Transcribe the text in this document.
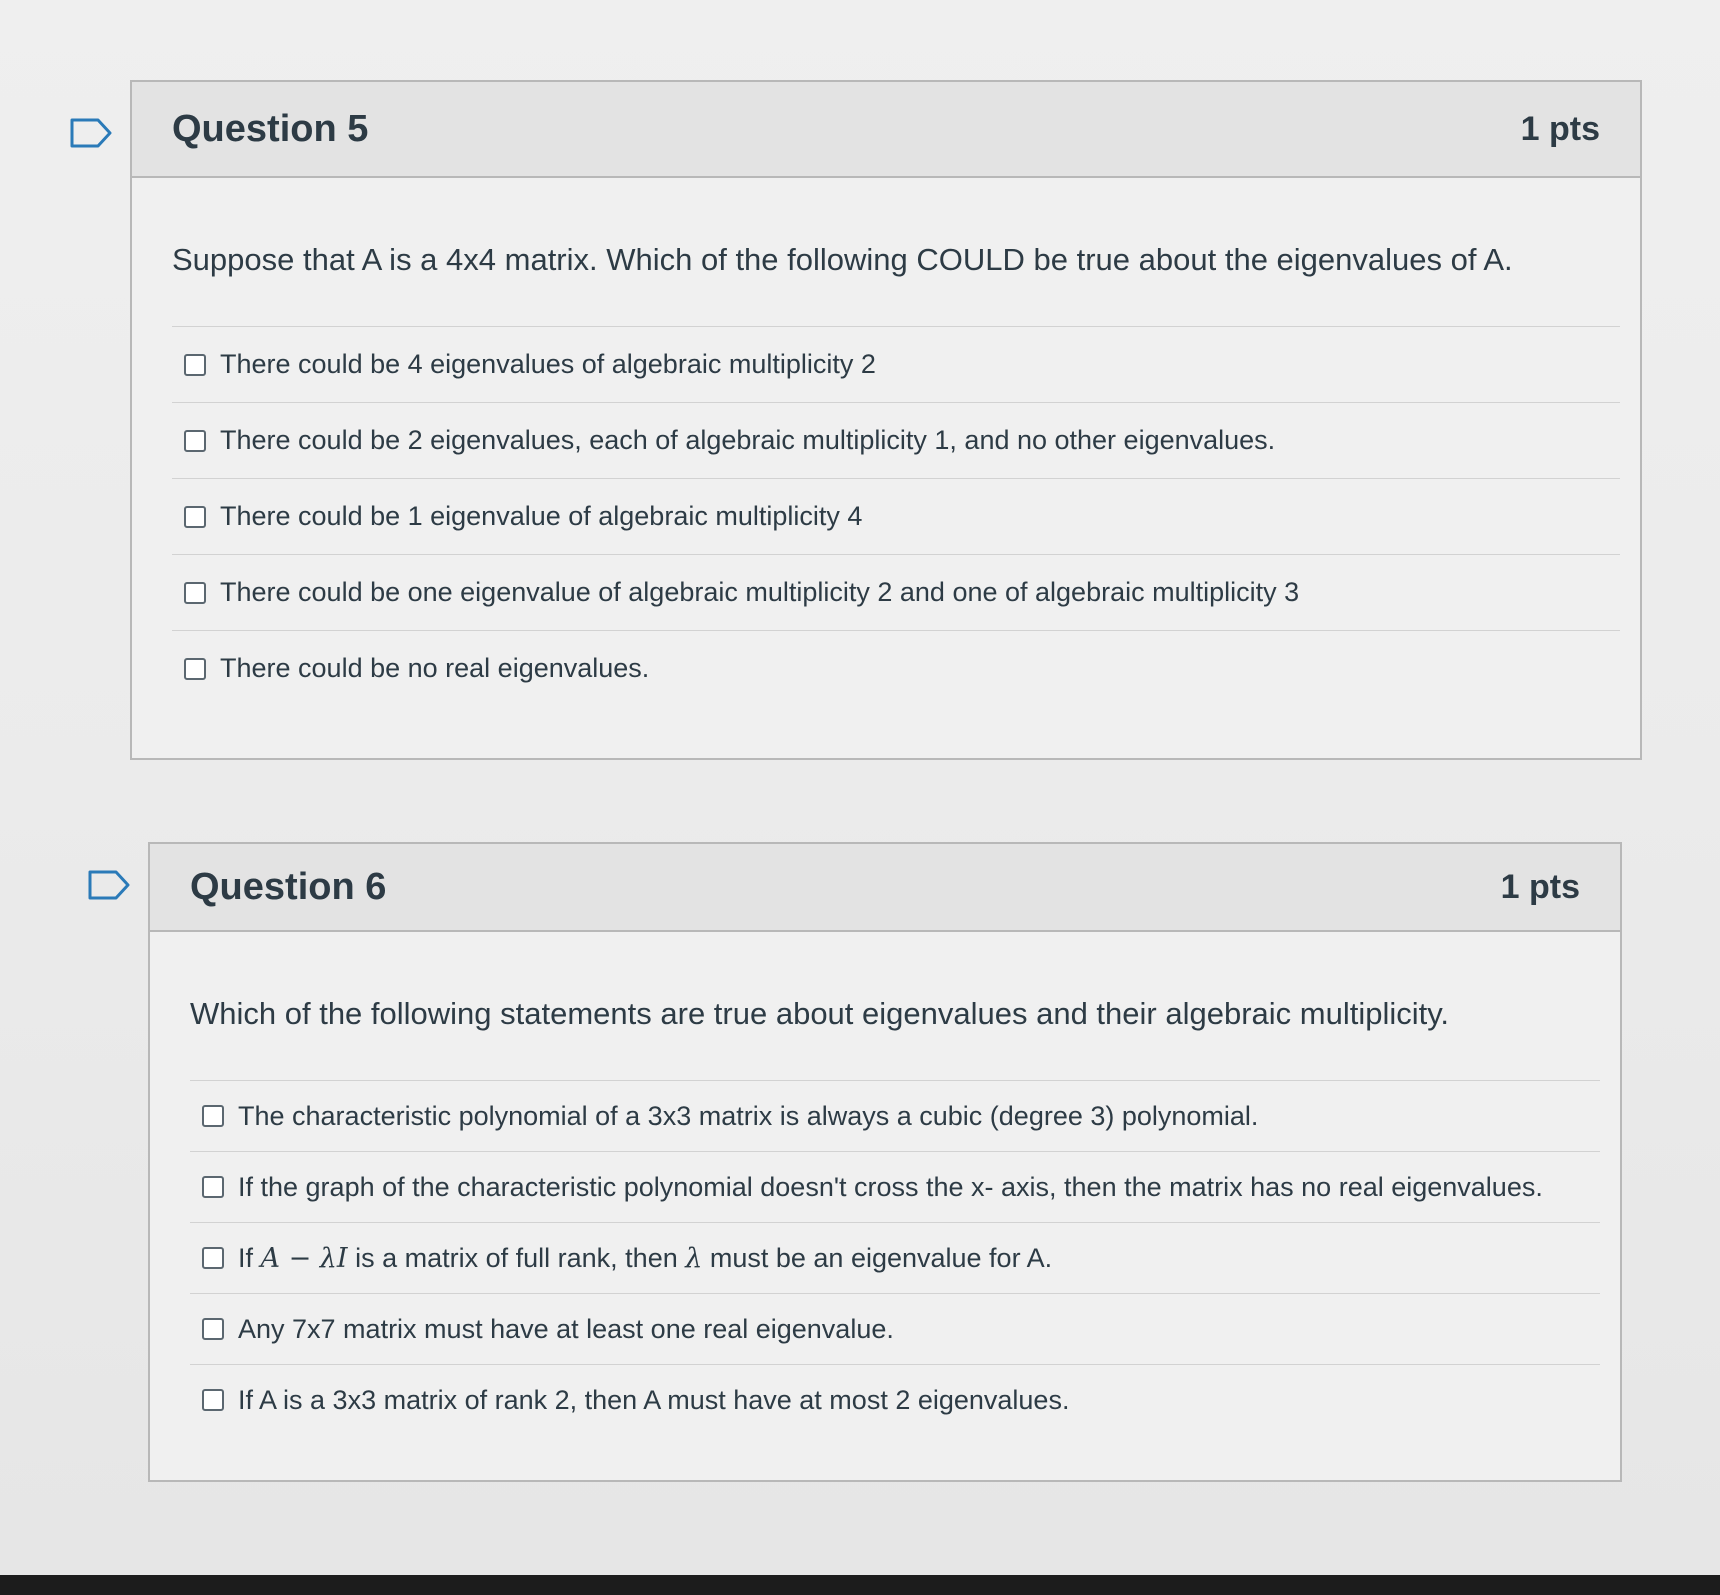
Question 5	1 pts
Suppose that A is a 4x4 matrix. Which of the following COULD be true about the eigenvalues of A.
There could be 4 eigenvalues of algebraic multiplicity 2
There could be 2 eigenvalues, each of algebraic multiplicity 1, and no other eigenvalues.
There could be 1 eigenvalue of algebraic multiplicity 4
There could be one eigenvalue of algebraic multiplicity 2 and one of algebraic multiplicity 3
There could be no real eigenvalues.
Question 6	1 pts
Which of the following statements are true about eigenvalues and their algebraic multiplicity.
The characteristic polynomial of a 3x3 matrix is always a cubic (degree 3) polynomial.
If the graph of the characteristic polynomial doesn't cross the x- axis, then the matrix has no real eigenvalues.
If A − λI is a matrix of full rank, then λ must be an eigenvalue for A.
Any 7x7 matrix must have at least one real eigenvalue.
If A is a 3x3 matrix of rank 2, then A must have at most 2 eigenvalues.
